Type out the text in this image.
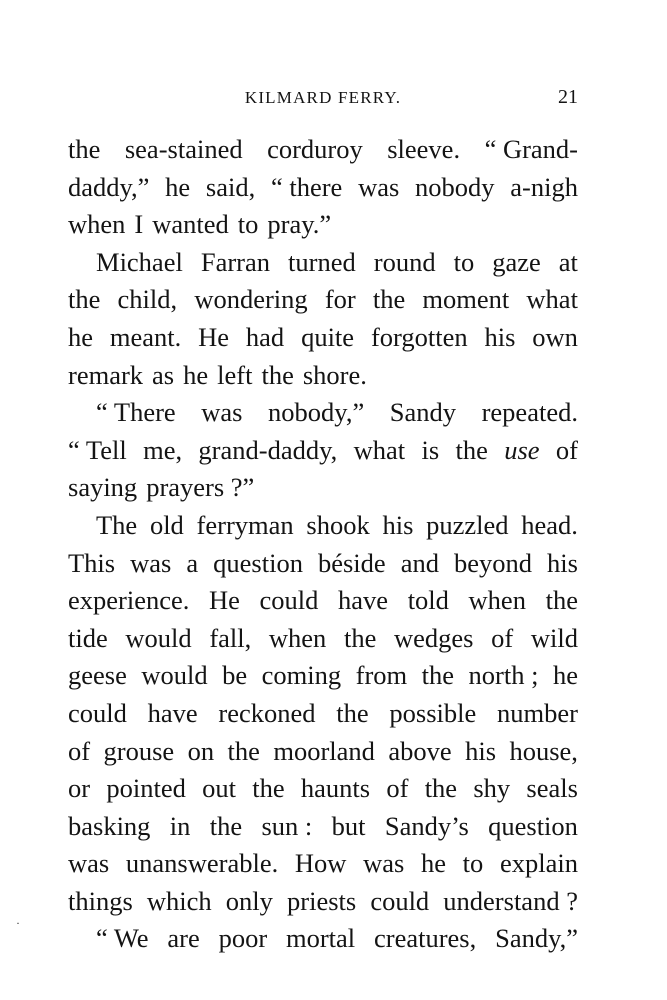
KILMARD FERRY.	21
the sea-stained corduroy sleeve. “ Grand-
daddy,” he said, “ there was nobody a-nigh
when I wanted to pray.”
Michael Farran turned round to gaze at
the child, wondering for the moment what
he meant. He had quite forgotten his own
remark as he left the shore.
“ There was nobody,” Sandy repeated.
“ Tell me, grand-daddy, what is the use of
saying prayers ?”
The old ferryman shook his puzzled head.
This was a question béside and beyond his
experience. He could have told when the
tide would fall, when the wedges of wild
geese would be coming from the north ; he
could have reckoned the possible number
of grouse on the moorland above his house,
or pointed out the haunts of the shy seals
basking in the sun : but Sandy’s question
was unanswerable. How was he to explain
things which only priests could understand ?
“ We are poor mortal creatures, Sandy,”
·
